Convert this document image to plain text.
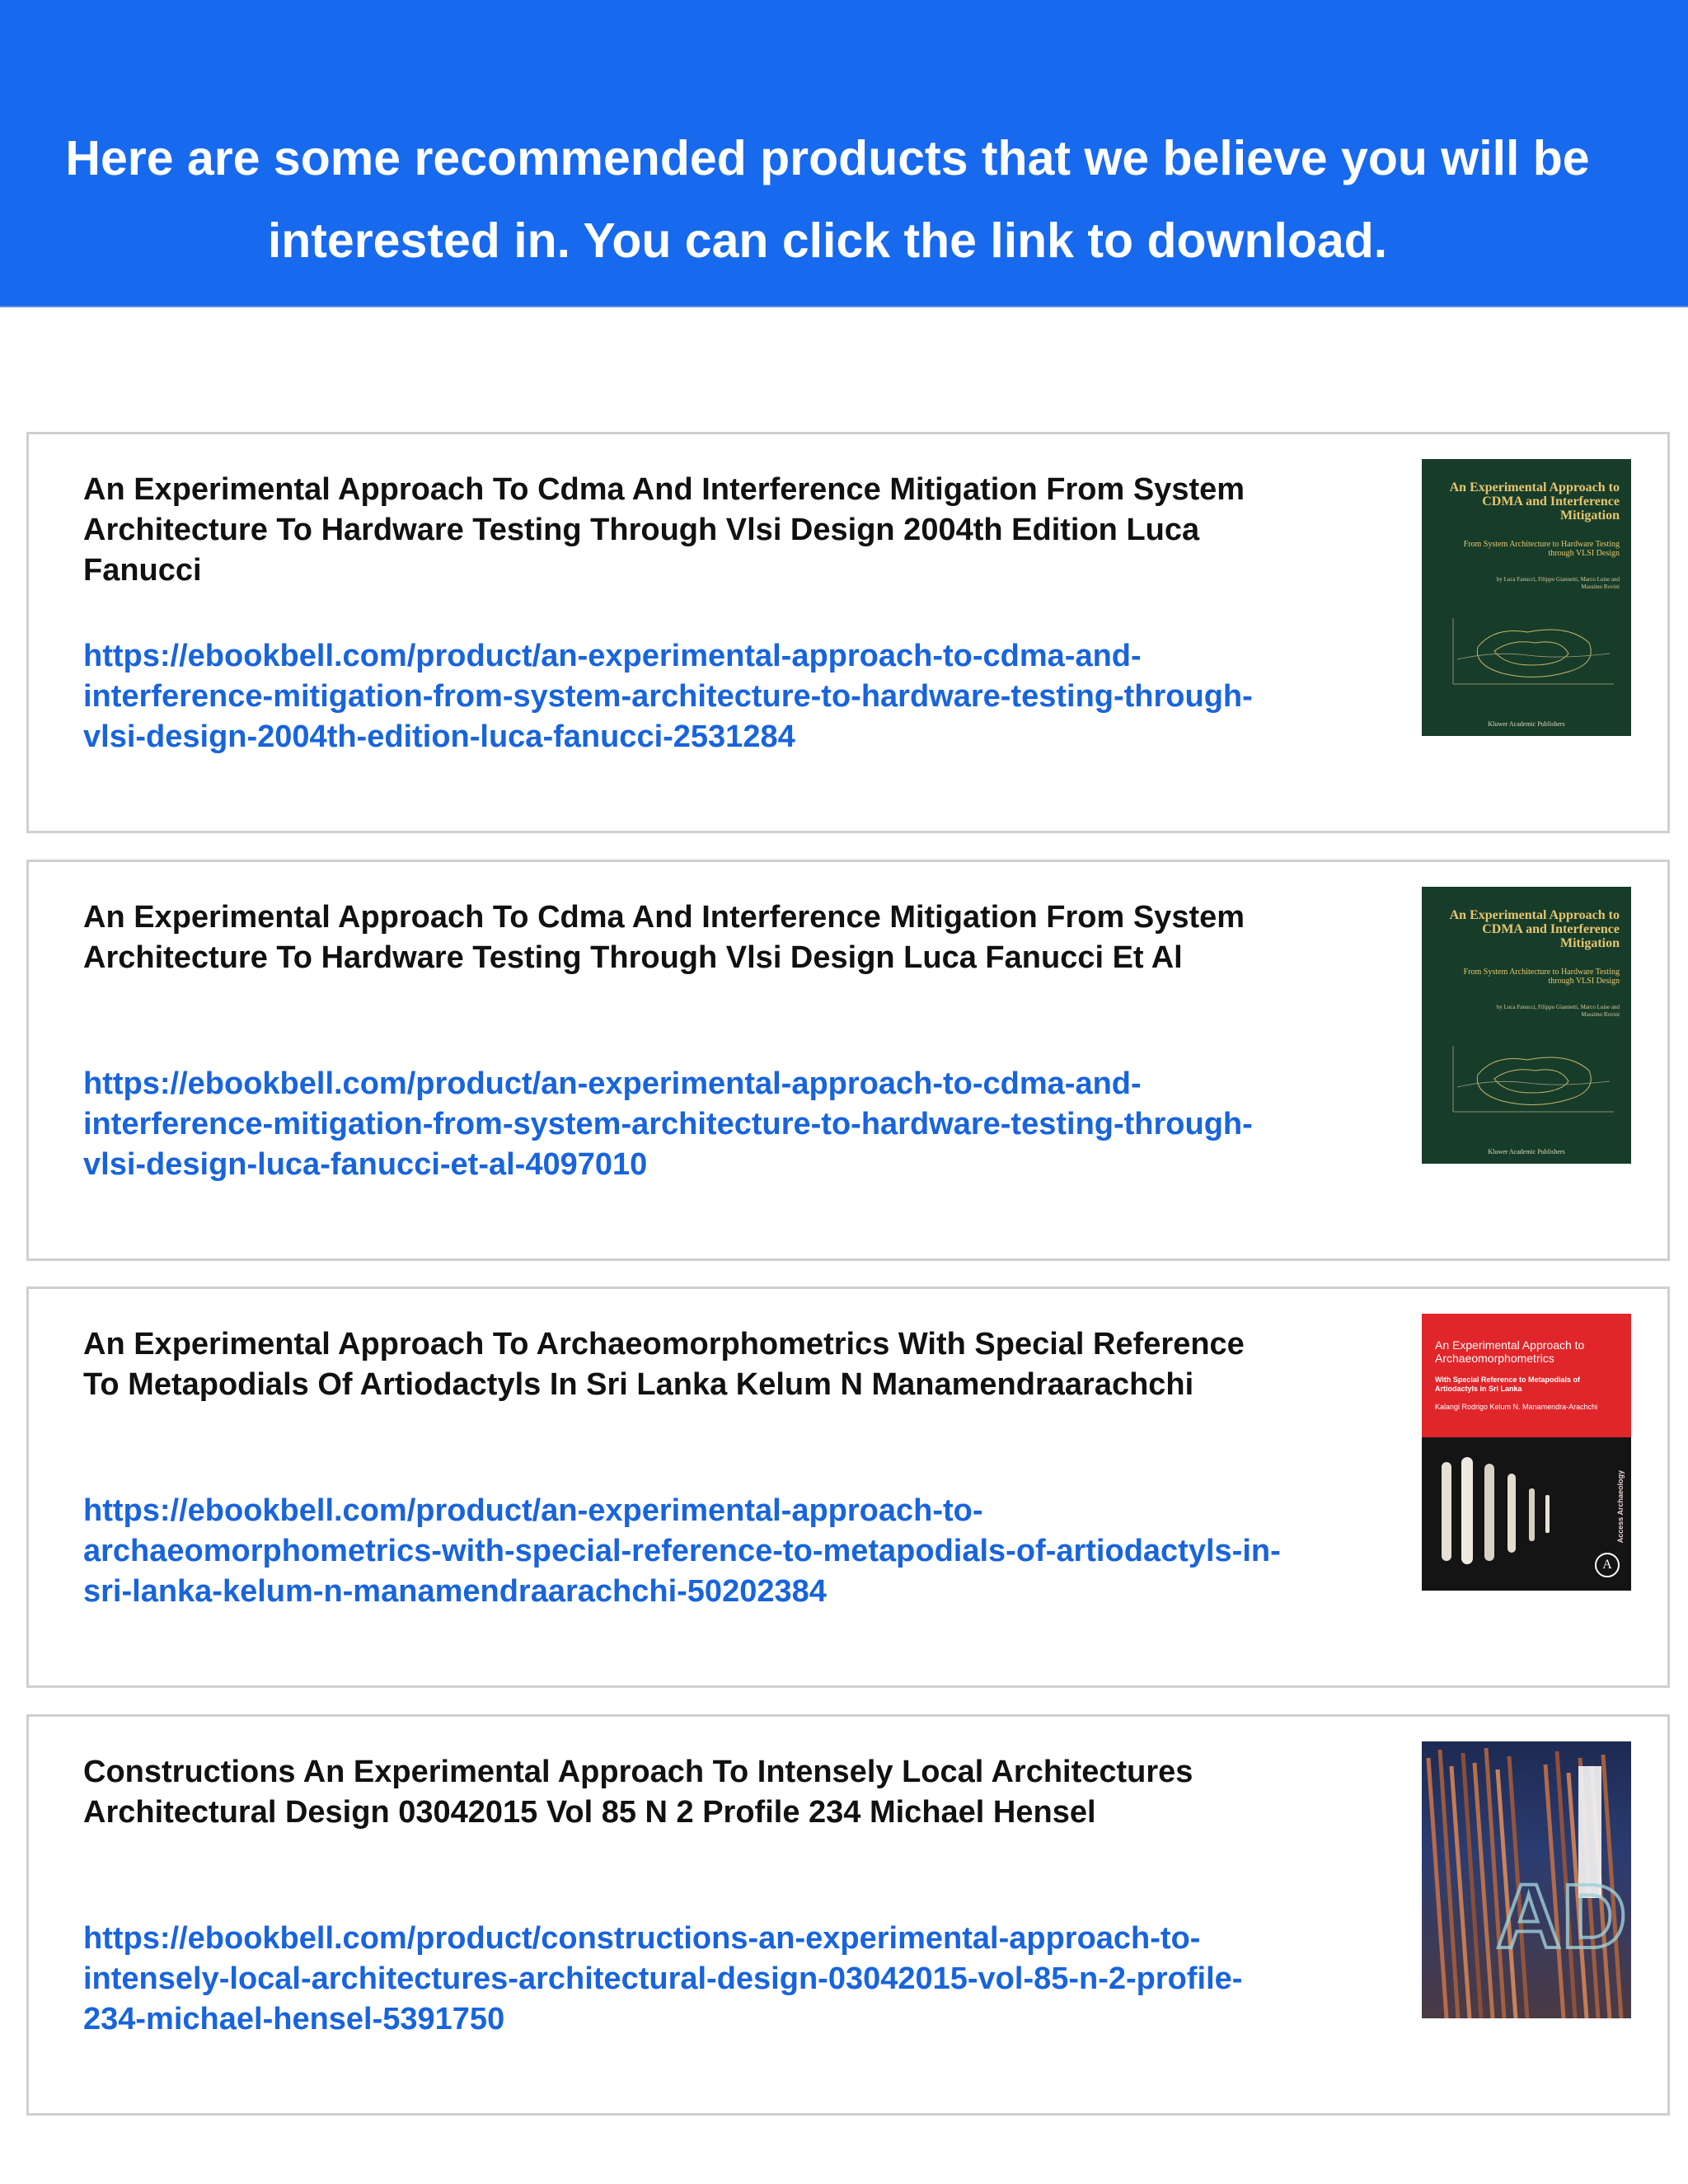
Here are some recommended products that we believe you will be interested in. You can click the link to download.

An Experimental Approach To Cdma And Interference Mitigation From System Architecture To Hardware Testing Through Vlsi Design 2004th Edition Luca Fanucci

https://ebookbell.com/product/an-experimental-approach-to-cdma-and-interference-mitigation-from-system-architecture-to-hardware-testing-through-vlsi-design-2004th-edition-luca-fanucci-2531284
An Experimental Approach to CDMA and Interference Mitigation
From System Architecture to Hardware Testing through VLSI Design
by Luca Fanucci, Filippo Giannetti, Marco Luise and Massimo Rovini
Kluwer Academic Publishers

An Experimental Approach To Cdma And Interference Mitigation From System Architecture To Hardware Testing Through Vlsi Design Luca Fanucci Et Al

https://ebookbell.com/product/an-experimental-approach-to-cdma-and-interference-mitigation-from-system-architecture-to-hardware-testing-through-vlsi-design-luca-fanucci-et-al-4097010
An Experimental Approach to CDMA and Interference Mitigation
From System Architecture to Hardware Testing through VLSI Design
by Luca Fanucci, Filippo Giannetti, Marco Luise and Massimo Rovini
Kluwer Academic Publishers

An Experimental Approach To Archaeomorphometrics With Special Reference To Metapodials Of Artiodactyls In Sri Lanka Kelum N Manamendraarachchi

https://ebookbell.com/product/an-experimental-approach-to-archaeomorphometrics-with-special-reference-to-metapodials-of-artiodactyls-in-sri-lanka-kelum-n-manamendraarachchi-50202384
An Experimental Approach to Archaeomorphometrics
With Special Reference to Metapodials of Artiodactyls in Sri Lanka
Kalangi Rodrigo Kelum N. Manamendra-Arachchi
Access Archaeology
A

Constructions An Experimental Approach To Intensely Local Architectures Architectural Design 03042015 Vol 85 N 2 Profile 234 Michael Hensel

https://ebookbell.com/product/constructions-an-experimental-approach-to-intensely-local-architectures-architectural-design-03042015-vol-85-n-2-profile-234-michael-hensel-5391750
AD
